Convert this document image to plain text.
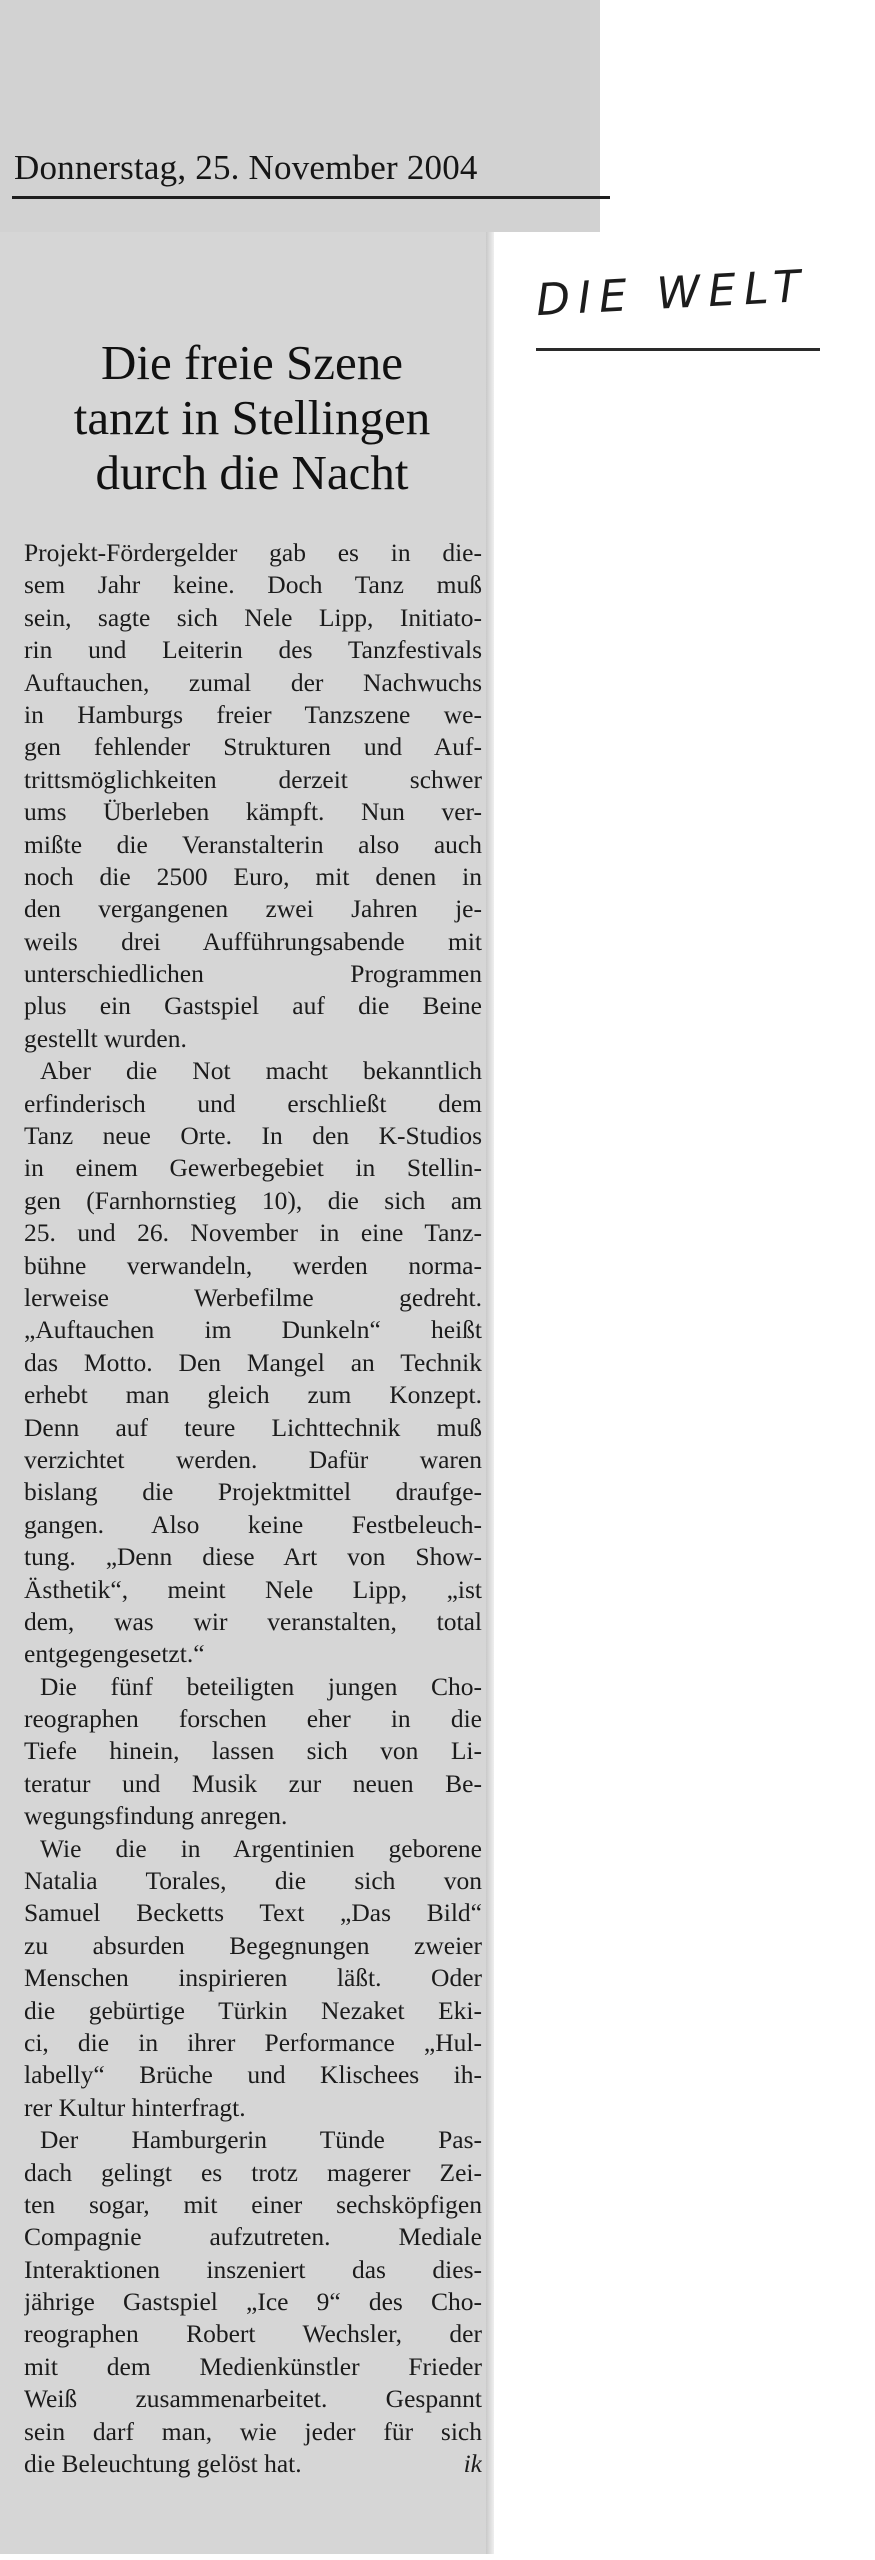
Donnerstag, 25. November 2004
DIE WELT
Die freie Szene
tanzt in Stellingen
durch die Nacht
Projekt-Fördergelder gab es in die-
sem Jahr keine. Doch Tanz muß
sein, sagte sich Nele Lipp, Initiato-
rin und Leiterin des Tanzfestivals
Auftauchen, zumal der Nachwuchs
in Hamburgs freier Tanzszene we-
gen fehlender Strukturen und Auf-
trittsmöglichkeiten derzeit schwer
ums Überleben kämpft. Nun ver-
mißte die Veranstalterin also auch
noch die 2500 Euro, mit denen in
den vergangenen zwei Jahren je-
weils drei Aufführungsabende mit
unterschiedlichen Programmen
plus ein Gastspiel auf die Beine
gestellt wurden.
Aber die Not macht bekanntlich
erfinderisch und erschließt dem
Tanz neue Orte. In den K-Studios
in einem Gewerbegebiet in Stellin-
gen (Farnhornstieg 10), die sich am
25. und 26. November in eine Tanz-
bühne verwandeln, werden norma-
lerweise Werbefilme gedreht.
„Auftauchen im Dunkeln“ heißt
das Motto. Den Mangel an Technik
erhebt man gleich zum Konzept.
Denn auf teure Lichttechnik muß
verzichtet werden. Dafür waren
bislang die Projektmittel draufge-
gangen. Also keine Festbeleuch-
tung. „Denn diese Art von Show-
Ästhetik“, meint Nele Lipp, „ist
dem, was wir veranstalten, total
entgegengesetzt.“
Die fünf beteiligten jungen Cho-
reographen forschen eher in die
Tiefe hinein, lassen sich von Li-
teratur und Musik zur neuen Be-
wegungsfindung anregen.
Wie die in Argentinien geborene
Natalia Torales, die sich von
Samuel Becketts Text „Das Bild“
zu absurden Begegnungen zweier
Menschen inspirieren läßt. Oder
die gebürtige Türkin Nezaket Eki-
ci, die in ihrer Performance „Hul-
labelly“ Brüche und Klischees ih-
rer Kultur hinterfragt.
Der Hamburgerin Tünde Pas-
dach gelingt es trotz magerer Zei-
ten sogar, mit einer sechsköpfigen
Compagnie aufzutreten. Mediale
Interaktionen inszeniert das dies-
jährige Gastspiel „Ice 9“ des Cho-
reographen Robert Wechsler, der
mit dem Medienkünstler Frieder
Weiß zusammenarbeitet. Gespannt
sein darf man, wie jeder für sich
die Beleuchtung gelöst hat.	ik
